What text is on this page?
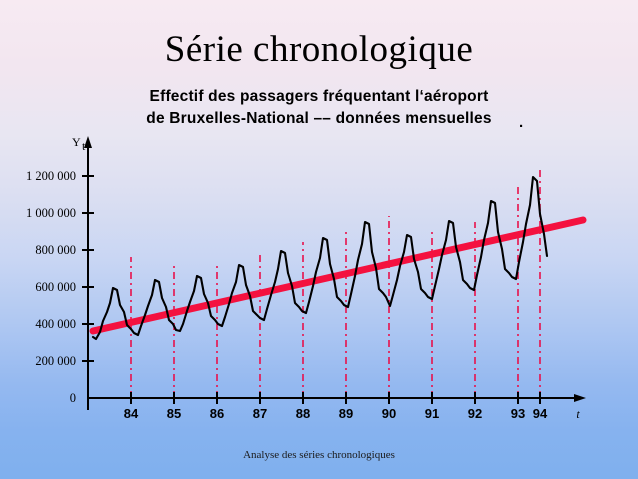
Série chronologique
Effectif des passagers fréquentant l‘aéroport
de Bruxelles-National –– données mensuelles	.
Y t
1 200 000
1 000 000
800 000
600 000
400 000
200 000
0
84 85 86 87 88 89 90 91 92 93 94 t
Analyse des séries chronologiques
